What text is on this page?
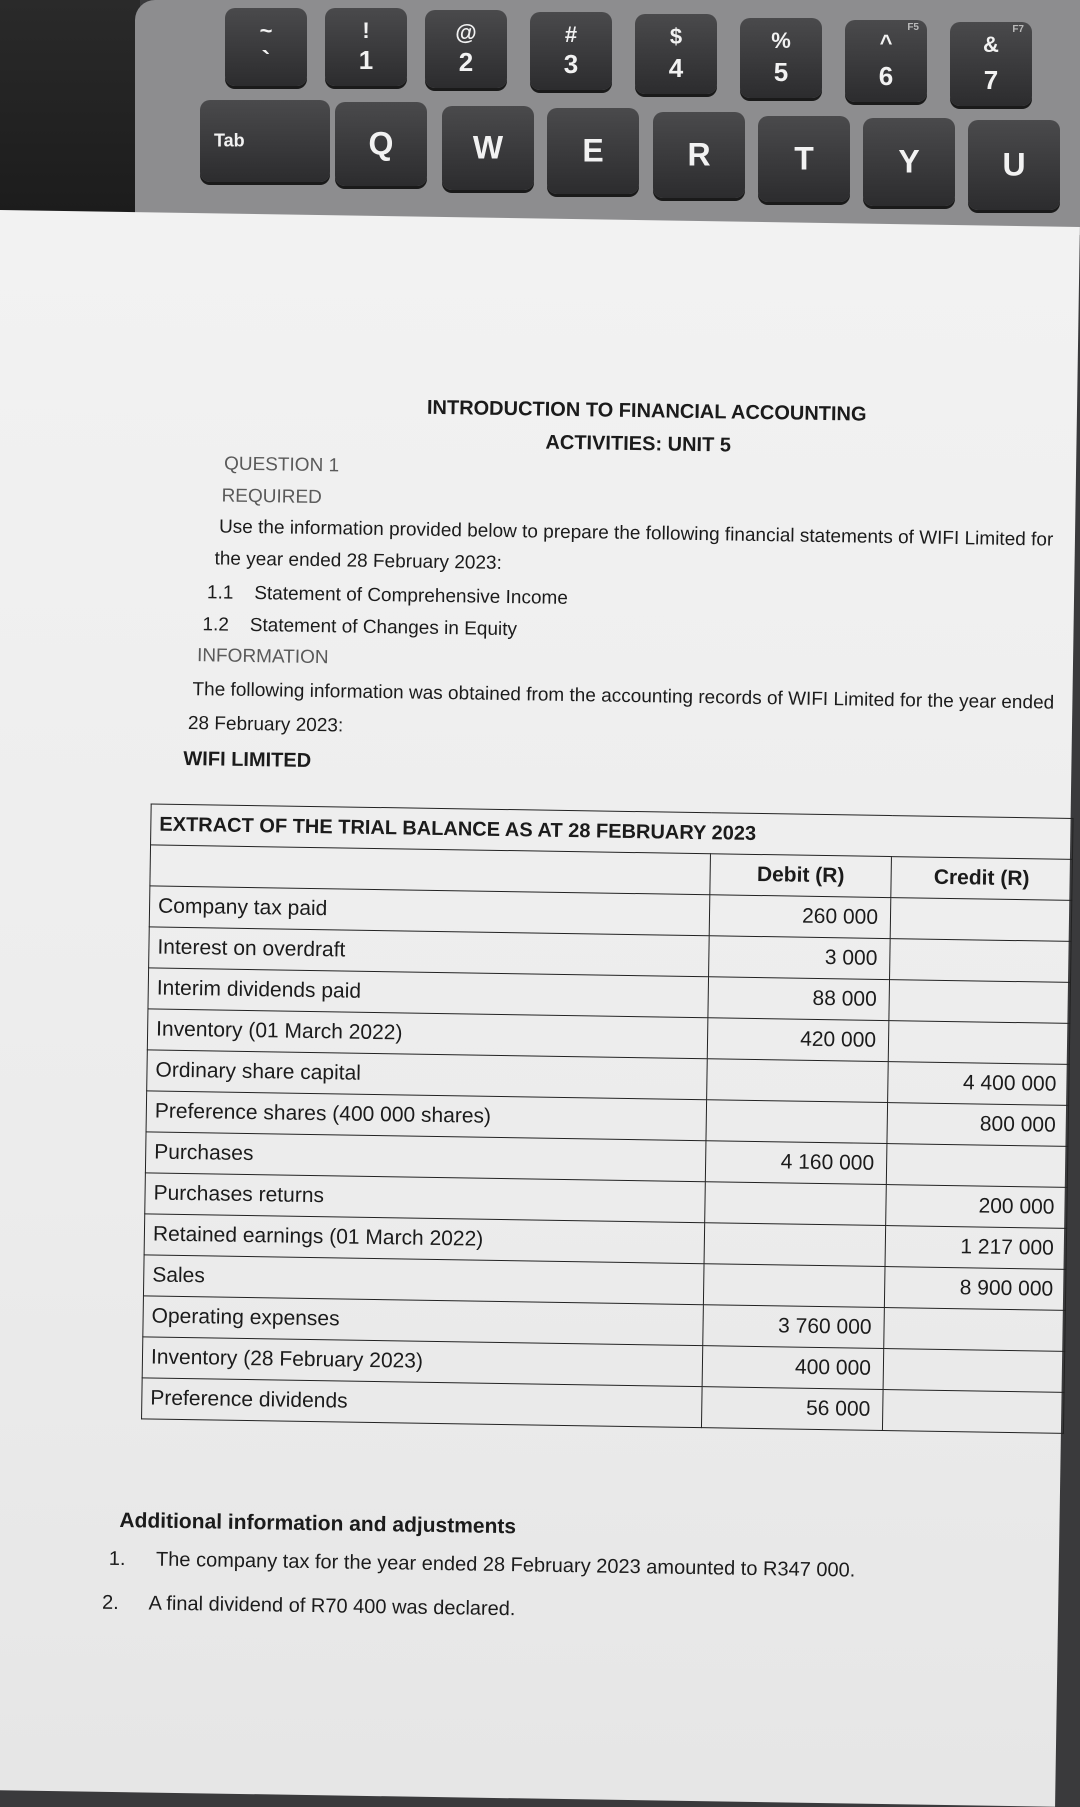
~
`
!
1
@
2
#
3
$
4
%
5
F5
^
6
F7
&
7
Tab	Q	W	E	R	T	Y	U
INTRODUCTION TO FINANCIAL ACCOUNTING
ACTIVITIES: UNIT 5
QUESTION 1
REQUIRED
Use the information provided below to prepare the following financial statements of WIFI Limited for
the year ended 28 February 2023:
1.1 Statement of Comprehensive Income
1.2 Statement of Changes in Equity
INFORMATION
The following information was obtained from the accounting records of WIFI Limited for the year ended
28 February 2023:
WIFI LIMITED
EXTRACT OF THE TRIAL BALANCE AS AT 28 FEBRUARY 2023		
	Debit (R)	Credit (R)
Company tax paid	260 000	
Interest on overdraft	3 000	
Interim dividends paid	88 000	
Inventory (01 March 2022)	420 000	
Ordinary share capital		4 400 000
Preference shares (400 000 shares)		800 000
Purchases	4 160 000	
Purchases returns		200 000
Retained earnings (01 March 2022)		1 217 000
Sales		8 900 000
Operating expenses	3 760 000	
Inventory (28 February 2023)	400 000	
Preference dividends	56 000	
Additional information and adjustments
1. The company tax for the year ended 28 February 2023 amounted to R347 000.
2. A final dividend of R70 400 was declared.
